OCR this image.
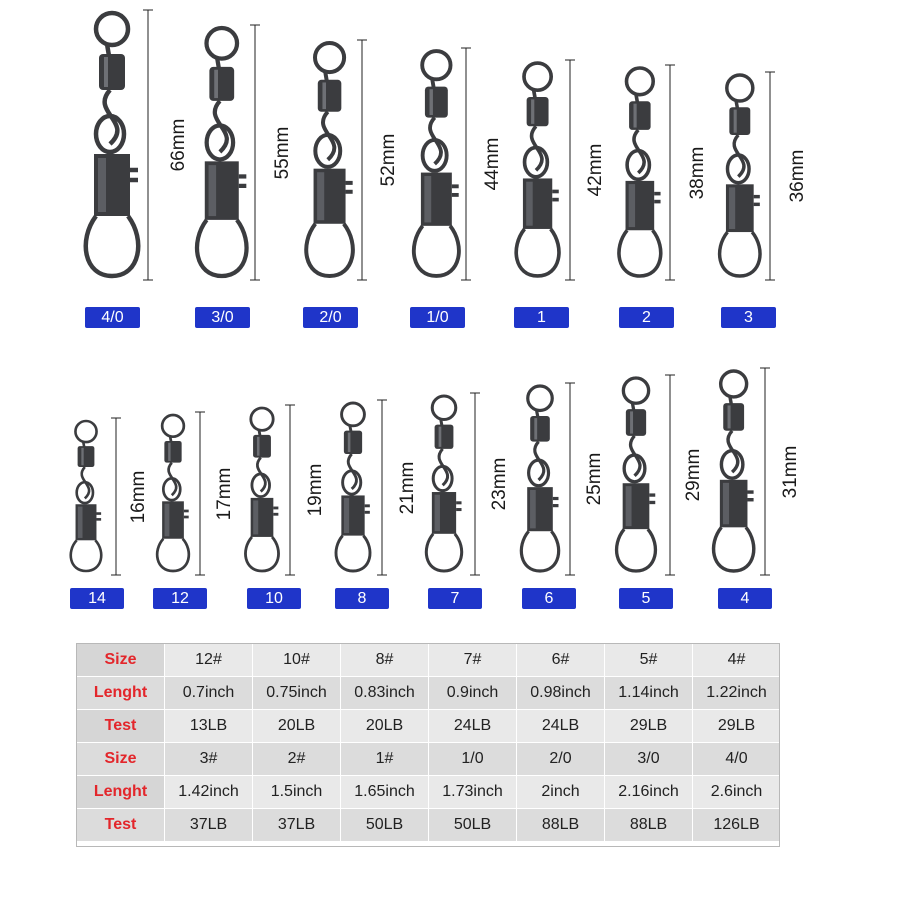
66mm
4/0
55mm
3/0
52mm
2/0
44mm
1/0
42mm
1
38mm
2
36mm
3
16mm
14
17mm
12
19mm
10
21mm
8
23mm
7
25mm
6
29mm
5
31mm
4
Size	12#	10#	8#	7#	6#	5#	4#
Lenght	0.7inch	0.75inch	0.83inch	0.9inch	0.98inch	1.14inch	1.22inch
Test	13LB	20LB	20LB	24LB	24LB	29LB	29LB
Size	3#	2#	1#	1/0	2/0	3/0	4/0
Lenght	1.42inch	1.5inch	1.65inch	1.73inch	2inch	2.16inch	2.6inch
Test	37LB	37LB	50LB	50LB	88LB	88LB	126LB
